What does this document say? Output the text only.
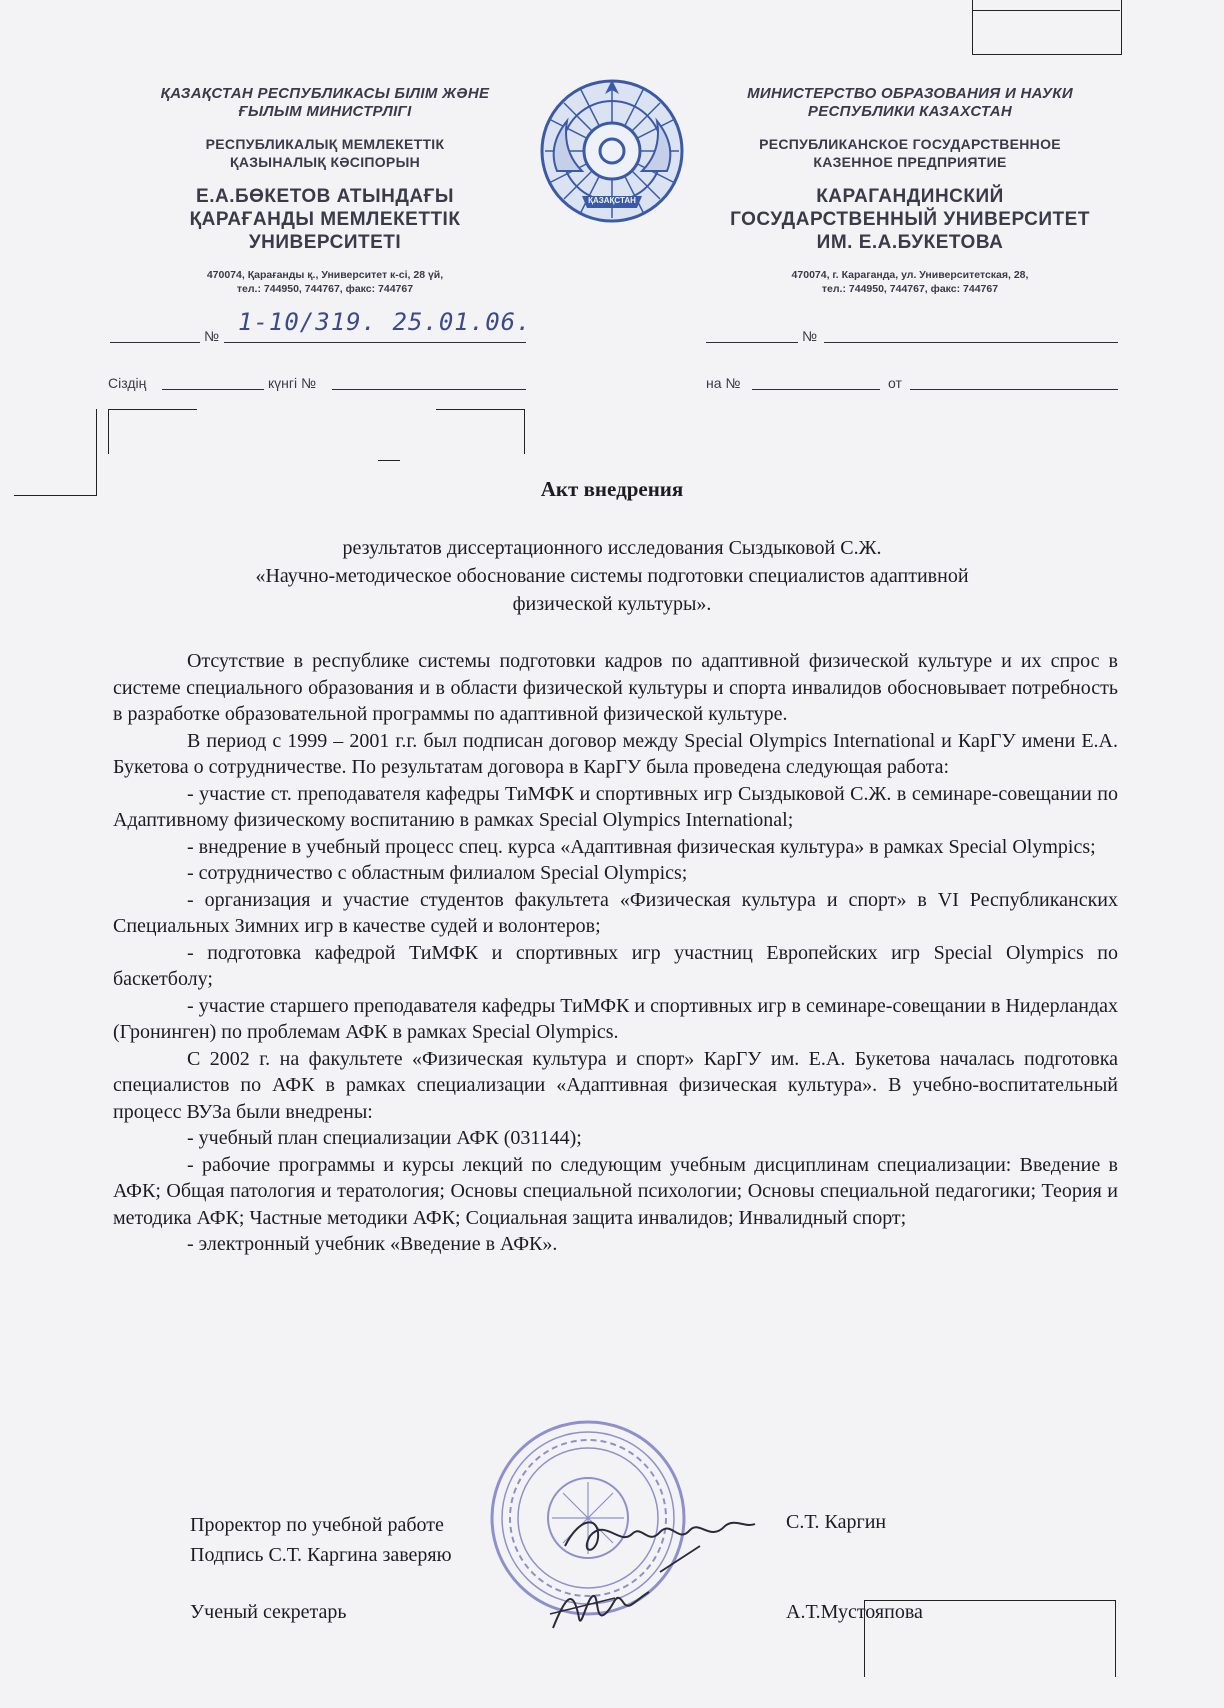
ҚАЗАҚСТАН РЕСПУБЛИКАСЫ БІЛІМ ЖӘНЕ
ҒЫЛЫМ МИНИСТРЛІГІ
РЕСПУБЛИКАЛЫҚ МЕМЛЕКЕТТІК
ҚАЗЫНАЛЫҚ КӘСІПОРЫН
Е.А.БӨКЕТОВ АТЫНДАҒЫ
ҚАРАҒАНДЫ МЕМЛЕКЕТТІК
УНИВЕРСИТЕТІ
470074, Қарағанды қ., Университет к-сі, 28 үй,
тел.: 744950, 744767, факс: 744767
ҚАЗАҚСТАН
МИНИСТЕРСТВО ОБРАЗОВАНИЯ И НАУКИ
РЕСПУБЛИКИ КАЗАХСТАН
РЕСПУБЛИКАНСКОЕ ГОСУДАРСТВЕННОЕ
КАЗЕННОЕ ПРЕДПРИЯТИЕ
КАРАГАНДИНСКИЙ
ГОСУДАРСТВЕННЫЙ УНИВЕРСИТЕТ
ИМ. Е.А.БУКЕТОВА
470074, г. Караганда, ул. Университетская, 28,
тел.: 744950, 744767, факс: 744767
№ 1-10/319. 25.01.06.
Сіздің	күнгі №
№
на №	от
Акт внедрения
результатов диссертационного исследования Сыздыковой С.Ж.
«Научно-методическое обоснование системы подготовки специалистов адаптивной
физической культуры».

Отсутствие в республике системы подготовки кадров по адаптивной физической культуре и их спрос в системе специального образования и в области физической культуры и спорта инвалидов обосновывает потребность в разработке образовательной программы по адаптивной физической культуре.

В период с 1999 – 2001 г.г. был подписан договор между Special Olympics International и КарГУ имени Е.А. Букетова о сотрудничестве. По результатам договора в КарГУ была проведена следующая работа:

- участие ст. преподавателя кафедры ТиМФК и спортивных игр Сыздыковой С.Ж. в семинаре-совещании по Адаптивному физическому воспитанию в рамках Special Olympics International;

- внедрение в учебный процесс спец. курса «Адаптивная физическая культура» в рамках Special Olympics;

- сотрудничество с областным филиалом Special Olympics;

- организация и участие студентов факультета «Физическая культура и спорт» в VI Республиканских Специальных Зимних игр в качестве судей и волонтеров;

- подготовка кафедрой ТиМФК и спортивных игр участниц Европейских игр Special Olympics по баскетболу;

- участие старшего преподавателя кафедры ТиМФК и спортивных игр в семинаре-совещании в Нидерландах (Гронинген) по проблемам АФК в рамках Special Olympics.

С 2002 г. на факультете «Физическая культура и спорт» КарГУ им. Е.А. Букетова началась подготовка специалистов по АФК в рамках специализации «Адаптивная физическая культура». В учебно-воспитательный процесс ВУЗа были внедрены:

- учебный план специализации АФК (031144);

- рабочие программы и курсы лекций по следующим учебным дисциплинам специализации: Введение в АФК; Общая патология и тератология; Основы специальной психологии; Основы специальной педагогики; Теория и методика АФК; Частные методики АФК; Социальная защита инвалидов; Инвалидный спорт;

- электронный учебник «Введение в АФК».

Проректор по учебной работе	С.Т. Каргин
Подпись С.Т. Каргина заверяю
Ученый секретарь	А.Т.Мустояпова
